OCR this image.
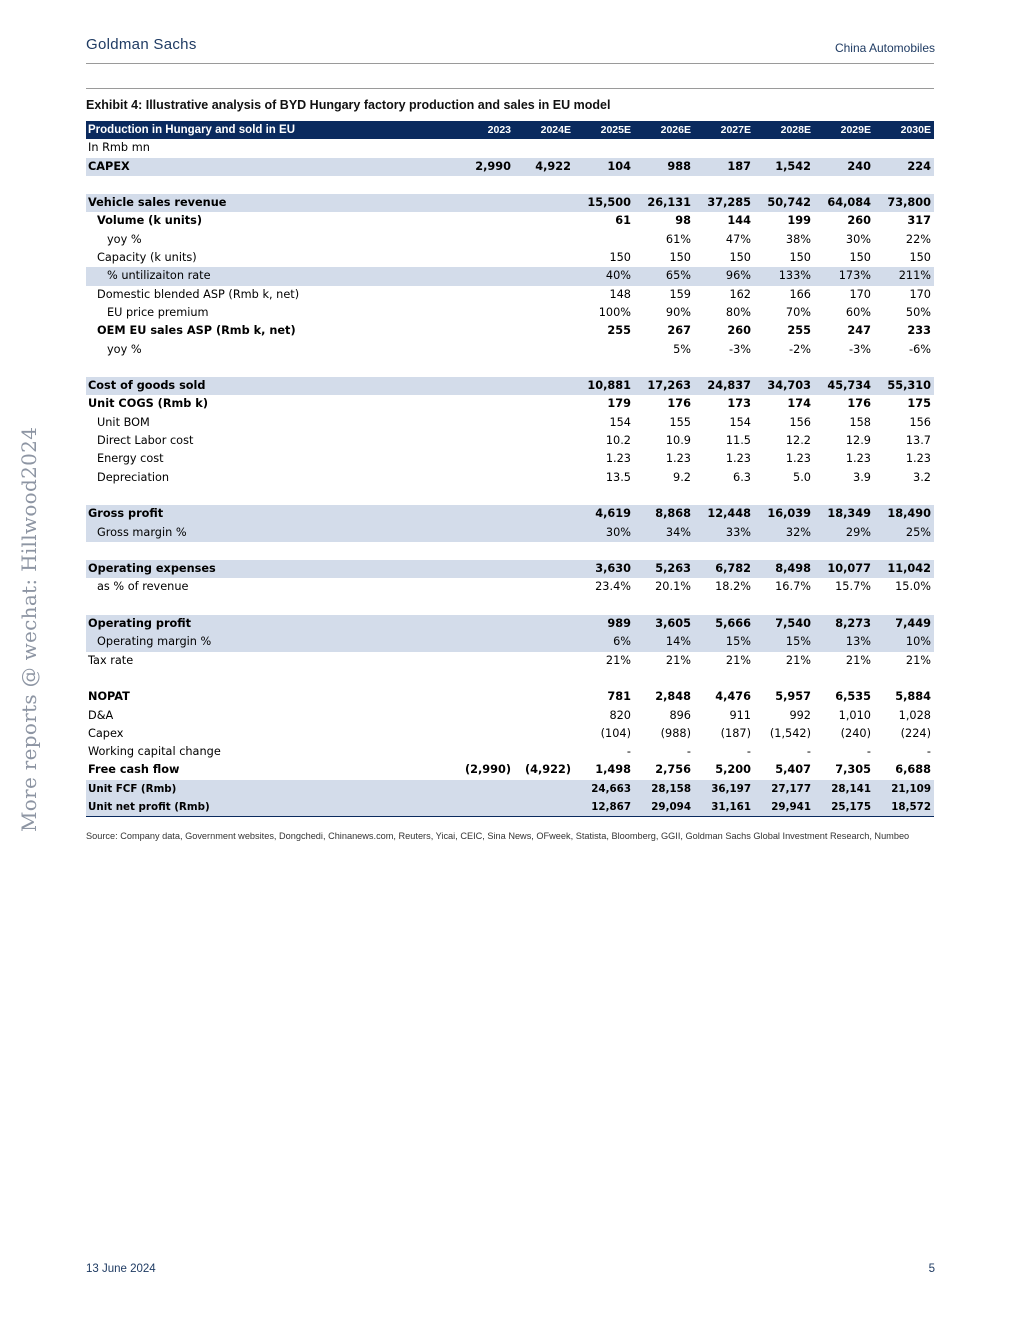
Goldman Sachs	China Automobiles
Exhibit 4: Illustrative analysis of BYD Hungary factory production and sales in EU model
Production in Hungary and sold in EU	2023	2024E	2025E	2026E	2027E	2028E	2029E	2030E
In Rmb mn								
CAPEX	2,990	4,922	104	988	187	1,542	240	224

Vehicle sales revenue			15,500	26,131	37,285	50,742	64,084	73,800
Volume (k units)			61	98	144	199	260	317
yoy %				61%	47%	38%	30%	22%
Capacity (k units)			150	150	150	150	150	150
% untilizaiton rate			40%	65%	96%	133%	173%	211%
Domestic blended ASP (Rmb k, net)			148	159	162	166	170	170
EU price premium			100%	90%	80%	70%	60%	50%
OEM EU sales ASP (Rmb k, net)			255	267	260	255	247	233
yoy %				5%	-3%	-2%	-3%	-6%

Cost of goods sold			10,881	17,263	24,837	34,703	45,734	55,310
Unit COGS (Rmb k)			179	176	173	174	176	175
Unit BOM			154	155	154	156	158	156
Direct Labor cost			10.2	10.9	11.5	12.2	12.9	13.7
Energy cost			1.23	1.23	1.23	1.23	1.23	1.23
Depreciation			13.5	9.2	6.3	5.0	3.9	3.2

Gross profit			4,619	8,868	12,448	16,039	18,349	18,490
Gross margin %			30%	34%	33%	32%	29%	25%

Operating expenses			3,630	5,263	6,782	8,498	10,077	11,042
as % of revenue			23.4%	20.1%	18.2%	16.7%	15.7%	15.0%

Operating profit			989	3,605	5,666	7,540	8,273	7,449
Operating margin %			6%	14%	15%	15%	13%	10%
Tax rate			21%	21%	21%	21%	21%	21%

NOPAT			781	2,848	4,476	5,957	6,535	5,884
D&A			820	896	911	992	1,010	1,028
Capex			(104)	(988)	(187)	(1,542)	(240)	(224)
Working capital change			-	-	-	-	-	-
Free cash flow	(2,990)	(4,922)	1,498	2,756	5,200	5,407	7,305	6,688
Unit FCF (Rmb)			24,663	28,158	36,197	27,177	28,141	21,109
Unit net profit (Rmb)			12,867	29,094	31,161	29,941	25,175	18,572
Source: Company data, Government websites, Dongchedi, Chinanews.com, Reuters, Yicai, CEIC, Sina News, OFweek, Statista, Bloomberg, GGII, Goldman Sachs Global Investment Research, Numbeo
More reports @ wechat: Hillwood2024
13 June 2024	5
